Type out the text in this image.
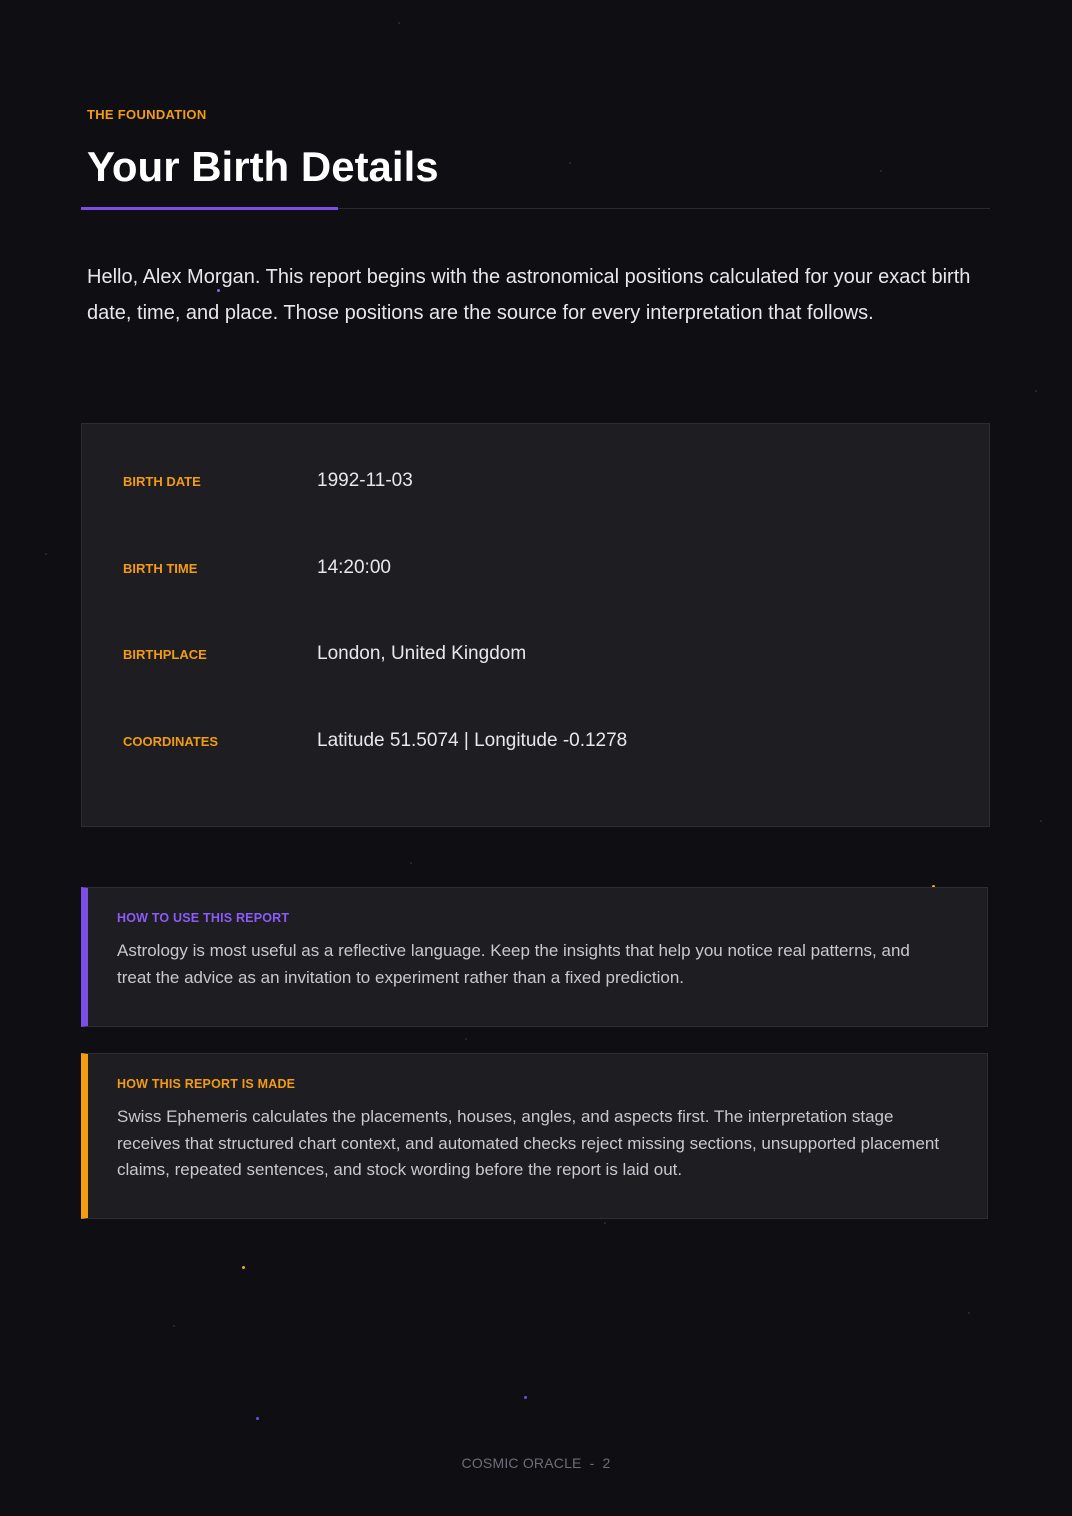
THE FOUNDATION
Your Birth Details

Hello, Alex Morgan. This report begins with the astronomical positions calculated for your exact birth date, time, and place. Those positions are the source for every interpretation that follows.

BIRTH DATE	1992-11-03
BIRTH TIME	14:20:00
BIRTHPLACE	London, United Kingdom
COORDINATES	Latitude 51.5074 | Longitude -0.1278
HOW TO USE THIS REPORT

Astrology is most useful as a reflective language. Keep the insights that help you notice real patterns, and treat the advice as an invitation to experiment rather than a fixed prediction.

HOW THIS REPORT IS MADE

Swiss Ephemeris calculates the placements, houses, angles, and aspects first. The interpretation stage receives that structured chart context, and automated checks reject missing sections, unsupported placement claims, repeated sentences, and stock wording before the report is laid out.

COSMIC ORACLE - 2
